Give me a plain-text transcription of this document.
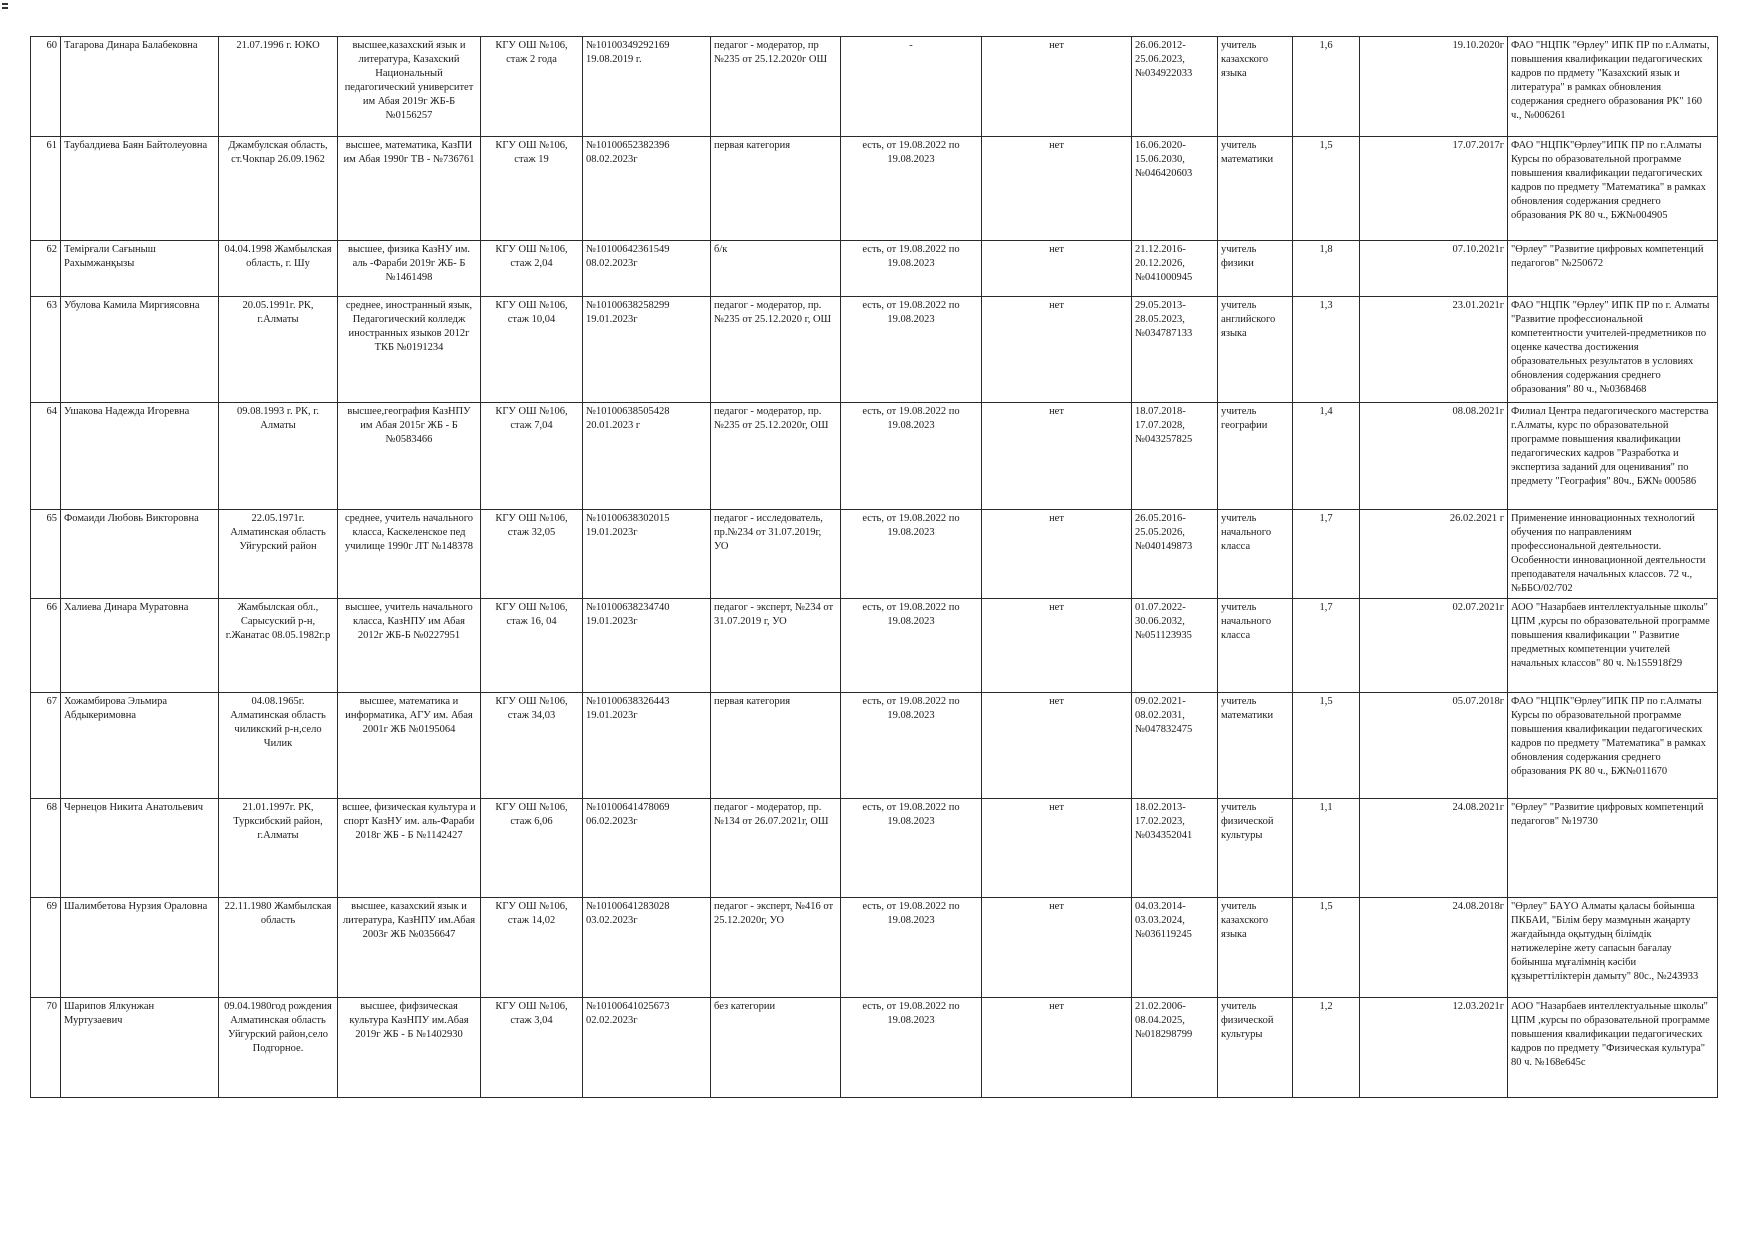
60	Тагарова Динара Балабековна	21.07.1996 г. ЮКО	высшее,казахский язык и литература, Казахский Национальный педагогический университет им Абая 2019г ЖБ-Б №0156257	КГУ ОШ №106, стаж 2 года	№10100349292169 19.08.2019 г.	педагог - модератор, пр №235 от 25.12.2020г ОШ	-	нет	26.06.2012-25.06.2023, №034922033	учитель казахского языка	1,6	19.10.2020г	ФАО "НЦПК "Өрлеу" ИПК ПР по г.Алматы, повышения квалификации педагогических кадров по прдмету "Казахский язык и литература" в рамках обновления содержания среднего образования РК" 160 ч., №006261
61	Таубалдиева Баян Байтолеуовна	Джамбулская область, ст.Чокпар 26.09.1962	высшее, математика, КазПИ им Абая 1990г ТВ - №736761	КГУ ОШ №106, стаж 19	№10100652382396 08.02.2023г	первая категория	есть, от 19.08.2022 по 19.08.2023	нет	16.06.2020-15.06.2030, №046420603	учитель математики	1,5	17.07.2017г	ФАО "НЦПК"Өрлеу"ИПК ПР по г.Алматы Курсы по образовательной программе повышения квалификации педагогических кадров по предмету "Математика" в рамках обновления содержания среднего образования РК 80 ч., БЖ№004905
62	Темірғали Сағыныш Рахымжанқызы	04.04.1998 Жамбылская область, г. Шу	высшее, физика КазНУ им. аль -Фараби 2019г ЖБ- Б №1461498	КГУ ОШ №106, стаж 2,04	№10100642361549 08.02.2023г	б/к	есть, от 19.08.2022 по 19.08.2023	нет	21.12.2016-20.12.2026, №041000945	учитель физики	1,8	07.10.2021г	"Өрлеу" "Развитие цифровых компетенций педагогов" №250672
63	Убулова Камила Миргиясовна	20.05.1991г. РК, г.Алматы	среднее, иностранный язык, Педагогический колледж иностранных языков 2012г ТКБ №0191234	КГУ ОШ №106, стаж 10,04	№10100638258299 19.01.2023г	педагог - модератор, пр. №235 от 25.12.2020 г, ОШ	есть, от 19.08.2022 по 19.08.2023	нет	29.05.2013-28.05.2023, №034787133	учитель английского языка	1,3	23.01.2021г	ФАО "НЦПК "Өрлеу" ИПК ПР по г. Алматы "Развитие профессиональной компетентности учителей-предметников по оценке качества достижения образовательных результатов в условиях обновления содержания среднего образования" 80 ч., №0368468
64	Ушакова Надежда Игоревна	09.08.1993 г. РК, г. Алматы	высшее,география КазНПУ им Абая 2015г ЖБ - Б №0583466	КГУ ОШ №106, стаж 7,04	№10100638505428 20.01.2023 г	педагог - модератор, пр. №235 от 25.12.2020г, ОШ	есть, от 19.08.2022 по 19.08.2023	нет	18.07.2018-17.07.2028, №043257825	учитель географии	1,4	08.08.2021г	Филиал Центра педагогического мастерства г.Алматы, курс по образовательной программе повышения квалификации педагогических кадров "Разработка и экспертиза заданий для оценивания" по предмету "География" 80ч., БЖ№ 000586
65	Фомаиди Любовь Викторовна	22.05.1971г. Алматинская область Уйгурский район	среднее, учитель начального класса, Каскеленское пед училище 1990г ЛТ №148378	КГУ ОШ №106, стаж 32,05	№10100638302015 19.01.2023г	педагог - исследователь, пр.№234 от 31.07.2019г, УО	есть, от 19.08.2022 по 19.08.2023	нет	26.05.2016-25.05.2026, №040149873	учитель начального класса	1,7	26.02.2021 г	Применение инновационных технологий обучения по направлениям профессиональной деятельности. Особенности инновационной деятельности преподавателя начальных классов. 72 ч., №ББО/02/702
66	Халиева Динара Муратовна	Жамбылская обл., Сарысуский р-н, г.Жанатас 08.05.1982г.р	высшее, учитель начального класса, КазНПУ им Абая 2012г ЖБ-Б №0227951	КГУ ОШ №106, стаж 16, 04	№10100638234740 19.01.2023г	педагог - эксперт, №234 от 31.07.2019 г, УО	есть, от 19.08.2022 по 19.08.2023	нет	01.07.2022-30.06.2032, №051123935	учитель начального класса	1,7	02.07.2021г	АОО "Назарбаев интеллектуальные школы" ЦПМ ,курсы по образовательной программе повышения квалификации " Развитие предметных компетенции учителей начальных классов" 80 ч. №155918f29
67	Хожамбирова Эльмира Абдыкеримовна	04.08.1965г. Алматинская область чиликский р-н,село Чилик	высшее, математика и информатика, АГУ им. Абая 2001г ЖБ №0195064	КГУ ОШ №106, стаж 34,03	№10100638326443 19.01.2023г	первая категория	есть, от 19.08.2022 по 19.08.2023	нет	09.02.2021-08.02.2031, №047832475	учитель математики	1,5	05.07.2018г	ФАО "НЦПК"Өрлеу"ИПК ПР по г.Алматы Курсы по образовательной программе повышения квалификации педагогических кадров по предмету "Математика" в рамках обновления содержания среднего образования РК 80 ч., БЖ№011670
68	Чернецов Никита Анатольевич	21.01.1997г. РК, Турксибский район, г.Алматы	всшее, физическая культура и спорт КазНУ им. аль-Фараби 2018г ЖБ - Б №1142427	КГУ ОШ №106, стаж 6,06	№10100641478069 06.02.2023г	педагог - модератор, пр. №134 от 26.07.2021г, ОШ	есть, от 19.08.2022 по 19.08.2023	нет	18.02.2013-17.02.2023, №034352041	учитель физической культуры	1,1	24.08.2021г	"Өрлеу" "Развитие цифровых компетенций педагогов" №19730
69	Шалимбетова Нурзия Ораловна	22.11.1980 Жамбылская область	высшее, казахский язык и литература, КазНПУ им.Абая 2003г ЖБ №0356647	КГУ ОШ №106, стаж 14,02	№10100641283028 03.02.2023г	педагог - эксперт, №416 от 25.12.2020г, УО	есть, от 19.08.2022 по 19.08.2023	нет	04.03.2014-03.03.2024, №036119245	учитель казахского языка	1,5	24.08.2018г	"Өрлеу" БАҮО Алматы қаласы бойынша ПКБАИ, "Білім беру мазмұнын жаңарту жағдайында оқытудың білімдік нәтижелеріне жету сапасын бағалау бойынша мұғалімнің кәсіби құзыреттіліктерін дамыту" 80с., №243933
70	Шарипов Ялкунжан Муртузаевич	09.04.1980год рождения Алматинская область Уйгурский район,село Подгорное.	высшее, фифзическая культура КазНПУ им.Абая 2019г ЖБ - Б №1402930	КГУ ОШ №106, стаж 3,04	№10100641025673 02.02.2023г	без категории	есть, от 19.08.2022 по 19.08.2023	нет	21.02.2006-08.04.2025, №018298799	учитель физической культуры	1,2	12.03.2021г	АОО "Назарбаев интеллектуальные школы" ЦПМ ,курсы по образовательной программе повышения квалификации педагогических кадров по предмету "Физическая культура" 80 ч. №168e645c
